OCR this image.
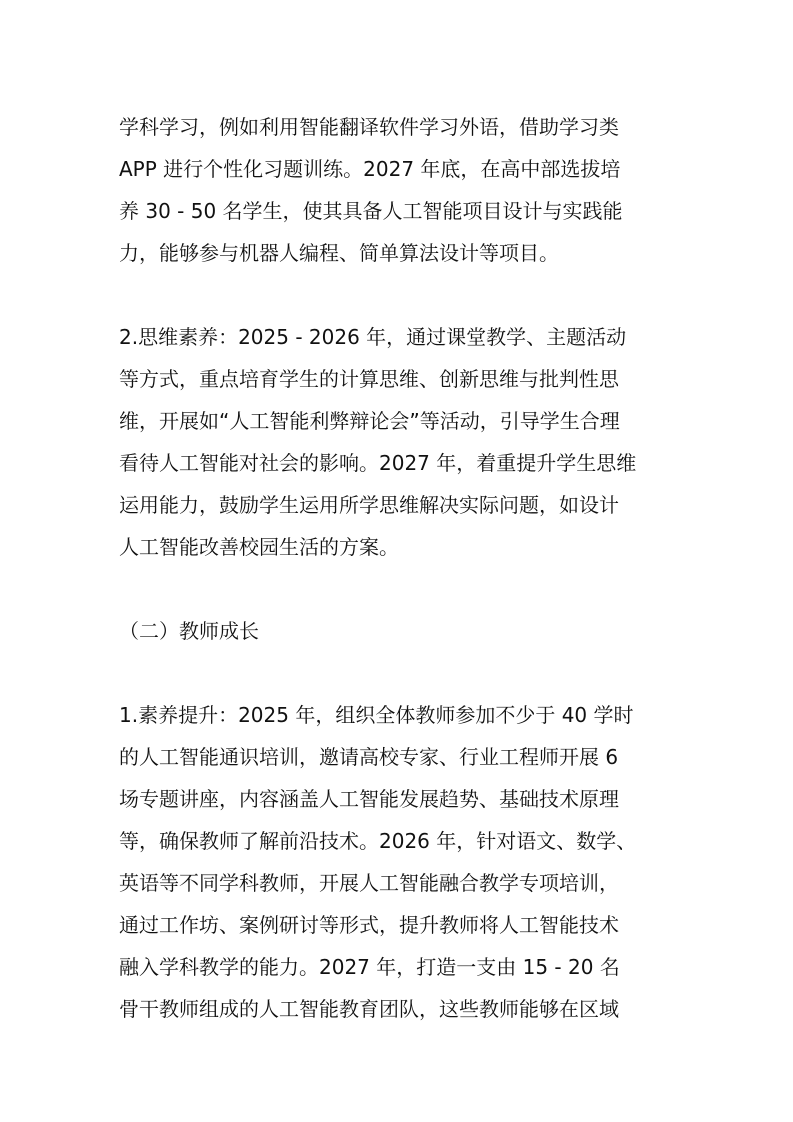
学科学习，例如利用智能翻译软件学习外语，借助学习类
APP 进行个性化习题训练。2027 年底，在高中部选拔培
养 30 - 50 名学生，使其具备人工智能项目设计与实践能
力，能够参与机器人编程、简单算法设计等项目。
2.思维素养：2025 - 2026 年，通过课堂教学、主题活动
等方式，重点培育学生的计算思维、创新思维与批判性思
维，开展如“人工智能利弊辩论会”等活动，引导学生合理
看待人工智能对社会的影响。2027 年，着重提升学生思维
运用能力，鼓励学生运用所学思维解决实际问题，如设计
人工智能改善校园生活的方案。
（二）教师成长
1.素养提升：2025 年，组织全体教师参加不少于 40 学时
的人工智能通识培训，邀请高校专家、行业工程师开展 6
场专题讲座，内容涵盖人工智能发展趋势、基础技术原理
等，确保教师了解前沿技术。2026 年，针对语文、数学、
英语等不同学科教师，开展人工智能融合教学专项培训，
通过工作坊、案例研讨等形式，提升教师将人工智能技术
融入学科教学的能力。2027 年，打造一支由 15 - 20 名
骨干教师组成的人工智能教育团队，这些教师能够在区域
